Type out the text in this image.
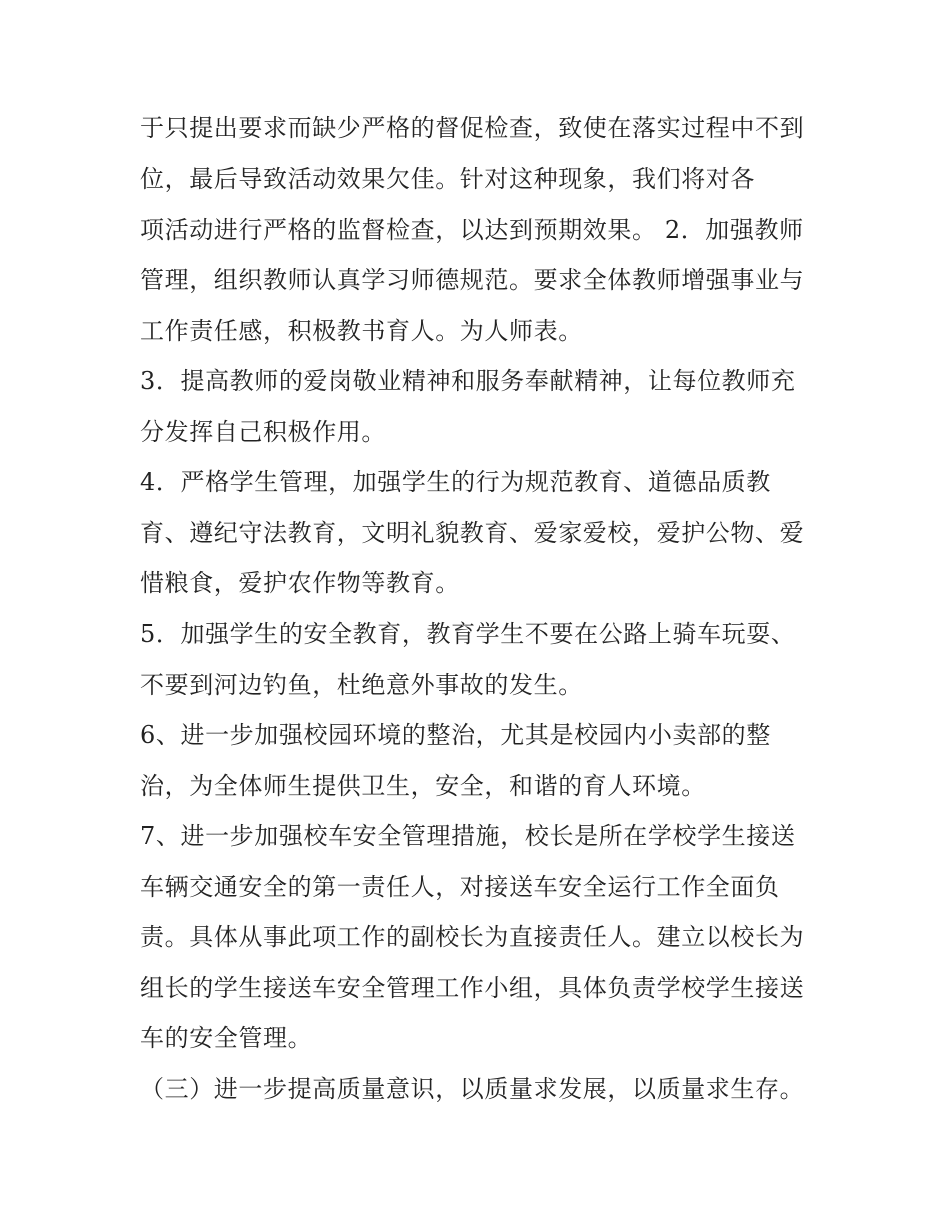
于只提出要求而缺少严格的督促检查，致使在落实过程中不到
位，最后导致活动效果欠佳。针对这种现象，我们将对各
项活动进行严格的监督检查，以达到预期效果。 2．加强教师
管理，组织教师认真学习师德规范。要求全体教师增强事业与
工作责任感，积极教书育人。为人师表。
3．提高教师的爱岗敬业精神和服务奉献精神，让每位教师充
分发挥自己积极作用。
4．严格学生管理，加强学生的行为规范教育、道德品质教
育、遵纪守法教育，文明礼貌教育、爱家爱校，爱护公物、爱
惜粮食，爱护农作物等教育。
5．加强学生的安全教育，教育学生不要在公路上骑车玩耍、
不要到河边钓鱼，杜绝意外事故的发生。
6、进一步加强校园环境的整治，尤其是校园内小卖部的整
治，为全体师生提供卫生，安全，和谐的育人环境。
7、进一步加强校车安全管理措施，校长是所在学校学生接送
车辆交通安全的第一责任人，对接送车安全运行工作全面负
责。具体从事此项工作的副校长为直接责任人。建立以校长为
组长的学生接送车安全管理工作小组，具体负责学校学生接送
车的安全管理。
（三）进一步提高质量意识，以质量求发展，以质量求生存。
